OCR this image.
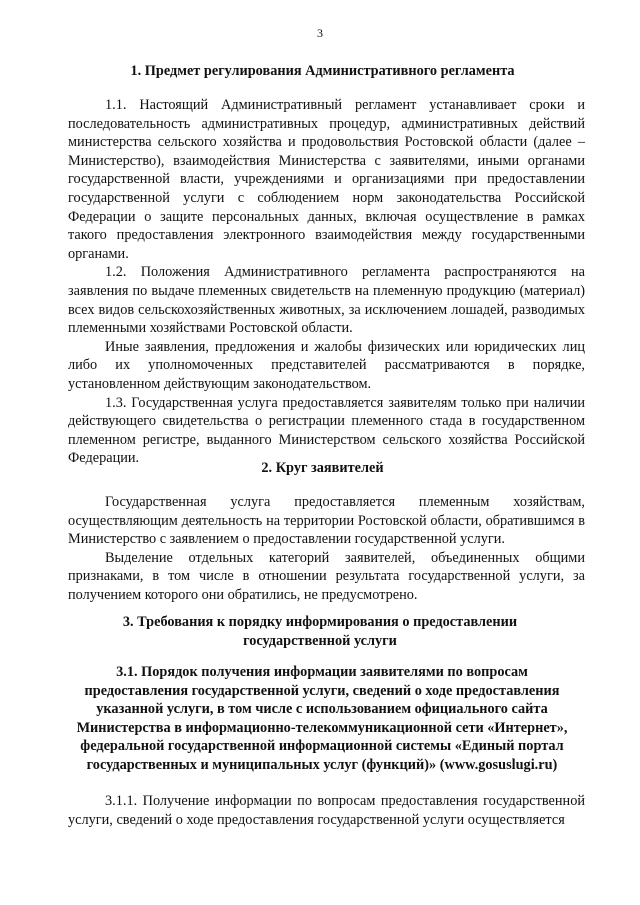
3
1. Предмет регулирования Административного регламента

1.1. Настоящий Административный регламент устанавливает сроки и последовательность административных процедур, административных действий министерства сельского хозяйства и продовольствия Ростовской области (далее – Министерство), взаимодействия Министерства с заявителями, иными органами государственной власти, учреждениями и организациями при предоставлении государственной услуги с соблюдением норм законодательства Российской Федерации о защите персональных данных, включая осуществление в рамках такого предоставления электронного взаимодействия между государственными органами.

1.2. Положения Административного регламента распространяются на заявления по выдаче племенных свидетельств на племенную продукцию (материал) всех видов сельскохозяйственных животных, за исключением лошадей, разводимых племенными хозяйствами Ростовской области.

Иные заявления, предложения и жалобы физических или юридических лиц либо их уполномоченных представителей рассматриваются в порядке, установленном действующим законодательством.

1.3. Государственная услуга предоставляется заявителям только при наличии действующего свидетельства о регистрации племенного стада в государственном племенном регистре, выданного Министерством сельского хозяйства Российской Федерации.

2. Круг заявителей

Государственная услуга предоставляется племенным хозяйствам, осуществляющим деятельность на территории Ростовской области, обратившимся в Министерство с заявлением о предоставлении государственной услуги.

Выделение отдельных категорий заявителей, объединенных общими признаками, в том числе в отношении результата государственной услуги, за получением которого они обратились, не предусмотрено.

3. Требования к порядку информирования о предоставлении государственной услуги
3.1. Порядок получения информации заявителями по вопросам предоставления государственной услуги, сведений о ходе предоставления указанной услуги, в том числе с использованием официального сайта Министерства в информационно-телекоммуникационной сети «Интернет», федеральной государственной информационной системы «Единый портал государственных и муниципальных услуг (функций)» (www.gosuslugi.ru)

3.1.1. Получение информации по вопросам предоставления государственной услуги, сведений о ходе предоставления государственной услуги осуществляется
